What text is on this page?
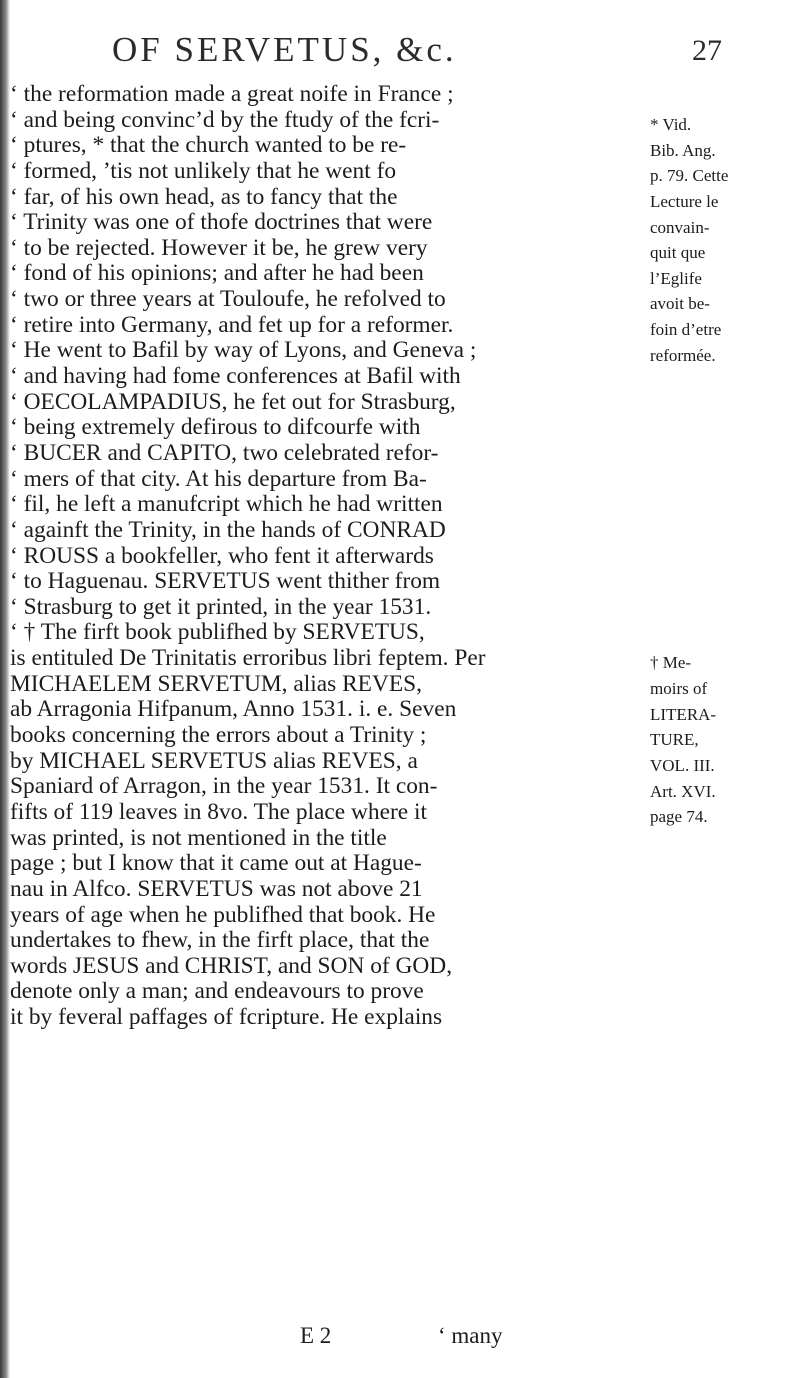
OF SERVETUS, &c.	27
‘ the reformation made a great noife in France ;
‘ and being convinc’d by the ftudy of the fcri-
‘ ptures, * that the church wanted to be re-
‘ formed, ’tis not unlikely that he went fo
‘ far, of his own head, as to fancy that the
‘ Trinity was one of thofe doctrines that were
‘ to be rejected. However it be, he grew very
‘ fond of his opinions; and after he had been
‘ two or three years at Touloufe, he refolved to
‘ retire into Germany, and fet up for a reformer.
‘ He went to Bafil by way of Lyons, and Geneva ;
‘ and having had fome conferences at Bafil with
‘ OECOLAMPADIUS, he fet out for Strasburg,
‘ being extremely defirous to difcourfe with
‘ BUCER and CAPITO, two celebrated refor-
‘ mers of that city. At his departure from Ba-
‘ fil, he left a manufcript which he had written
‘ againft the Trinity, in the hands of CONRAD
‘ ROUSS a bookfeller, who fent it afterwards
‘ to Haguenau. SERVETUS went thither from
‘ Strasburg to get it printed, in the year 1531.
‘ † The firft book publifhed by SERVETUS,
is entituled De Trinitatis erroribus libri feptem. Per
MICHAELEM SERVETUM, alias REVES,
ab Arragonia Hifpanum, Anno 1531. i. e. Seven
books concerning the errors about a Trinity ;
by MICHAEL SERVETUS alias REVES, a
Spaniard of Arragon, in the year 1531. It con-
fifts of 119 leaves in 8vo. The place where it
was printed, is not mentioned in the title
page ; but I know that it came out at Hague-
nau in Alfco. SERVETUS was not above 21
years of age when he publifhed that book. He
undertakes to fhew, in the firft place, that the
words JESUS and CHRIST, and SON of GOD,
denote only a man; and endeavours to prove
it by feveral paffages of fcripture. He explains
* Vid.
Bib. Ang.
p. 79. Cette
Lecture le
convain-
quit que
l’Eglife
avoit be-
foin d’etre
reformée.
† Me-
moirs of
LITERA-
TURE,
VOL. III.
Art. XVI.
page 74.
E 2	‘ many
